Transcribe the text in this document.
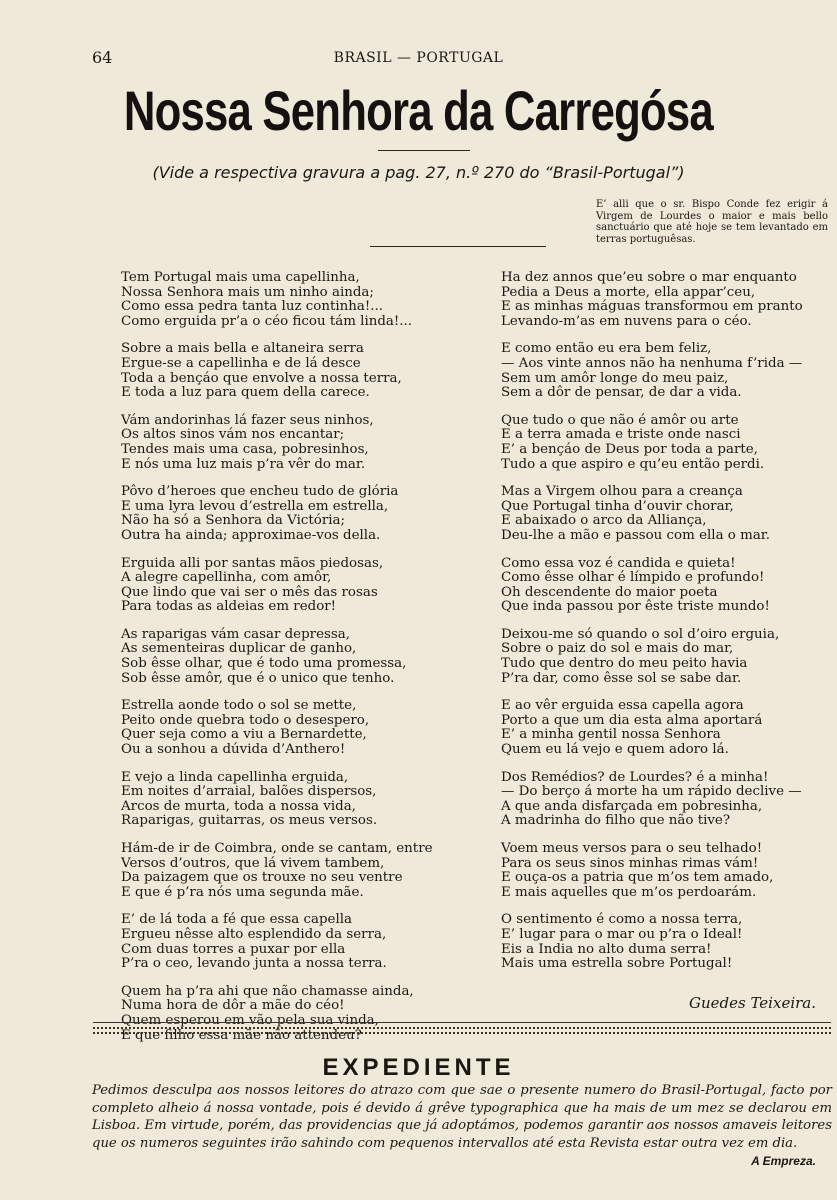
64	BRASIL — PORTUGAL
Nossa Senhora da Carregósa
(Vide a respectiva gravura a pag. 27, n.º 270 do “Brasil-Portugal”)
E’ alli que o sr. Bispo Conde fez erigir á Virgem de Lourdes o maior e mais bello sanctuário que até hoje se tem levantado em terras portuguêsas.
Tem Portugal mais uma capellinha,
Nossa Senhora mais um ninho ainda;
Como essa pedra tanta luz continha!...
Como erguida pr’a o céo ficou tám linda!...
Sobre a mais bella e altaneira serra
Ergue-se a capellinha e de lá desce
Toda a bençáo que envolve a nossa terra,
E toda a luz para quem della carece.
Vám andorinhas lá fazer seus ninhos,
Os altos sinos vám nos encantar;
Tendes mais uma casa, pobresinhos,
E nós uma luz mais p’ra vêr do mar.
Pôvo d’heroes que encheu tudo de glória
E uma lyra levou d’estrella em estrella,
Não ha só a Senhora da Victória;
Outra ha ainda; approximae-vos della.
Erguida alli por santas mãos piedosas,
A alegre capellinha, com amôr,
Que lindo que vai ser o mês das rosas
Para todas as aldeias em redor!
As raparigas vám casar depressa,
As sementeiras duplicar de ganho,
Sob êsse olhar, que é todo uma promessa,
Sob êsse amôr, que é o unico que tenho.
Estrella aonde todo o sol se mette,
Peito onde quebra todo o desespero,
Quer seja como a viu a Bernardette,
Ou a sonhou a dúvida d’Anthero!
E vejo a linda capellinha erguida,
Em noites d’arraial, balões dispersos,
Arcos de murta, toda a nossa vida,
Raparigas, guitarras, os meus versos.
Hám-de ir de Coimbra, onde se cantam, entre
Versos d’outros, que lá vivem tambem,
Da paizagem que os trouxe no seu ventre
E que é p’ra nós uma segunda mãe.
E’ de lá toda a fé que essa capella
Ergueu nêsse alto esplendido da serra,
Com duas torres a puxar por ella
P’ra o ceo, levando junta a nossa terra.
Quem ha p’ra ahi que não chamasse ainda,
Numa hora de dôr a mãe do céo!
Quem esperou em vão pela sua vinda,
E que filho essa mãe não attendeu?
Ha dez annos que’eu sobre o mar enquanto
Pedia a Deus a morte, ella appar’ceu,
E as minhas máguas transformou em pranto
Levando-m’as em nuvens para o céo.
E como então eu era bem feliz,
— Aos vinte annos não ha nenhuma f’rida —
Sem um amôr longe do meu paiz,
Sem a dôr de pensar, de dar a vida.
Que tudo o que não é amôr ou arte
E a terra amada e triste onde nasci
E’ a bençáo de Deus por toda a parte,
Tudo a que aspiro e qu’eu então perdi.
Mas a Virgem olhou para a creança
Que Portugal tinha d’ouvir chorar,
E abaixado o arco da Alliança,
Deu-lhe a mão e passou com ella o mar.
Como essa voz é candida e quieta!
Como êsse olhar é límpido e profundo!
Oh descendente do maior poeta
Que inda passou por êste triste mundo!
Deixou-me só quando o sol d’oiro erguia,
Sobre o paiz do sol e mais do mar,
Tudo que dentro do meu peito havia
P’ra dar, como êsse sol se sabe dar.
E ao vêr erguida essa capella agora
Porto a que um dia esta alma aportará
E’ a minha gentil nossa Senhora
Quem eu lá vejo e quem adoro lá.
Dos Remédios? de Lourdes? é a minha!
— Do berço á morte ha um rápido declive —
A que anda disfarçada em pobresinha,
A madrinha do filho que não tive?
Voem meus versos para o seu telhado!
Para os seus sinos minhas rimas vám!
E ouça-os a patria que m’os tem amado,
E mais aquelles que m’os perdoarám.
O sentimento é como a nossa terra,
E’ lugar para o mar ou p’ra o Ideal!
Eis a India no alto duma serra!
Mais uma estrella sobre Portugal!
Guedes Teixeira.
EXPEDIENTE
Pedimos desculpa aos nossos leitores do atrazo com que sae o presente numero do Brasil-Portugal, facto por completo alheio á nossa vontade, pois é devido á grêve typographica que ha mais de um mez se declarou em Lisboa. Em virtude, porém, das providencias que já adoptámos, podemos garantir aos nossos amaveis leitores que os numeros seguintes irão sahindo com pequenos intervallos até esta Revista estar outra vez em dia.
A Empreza.
